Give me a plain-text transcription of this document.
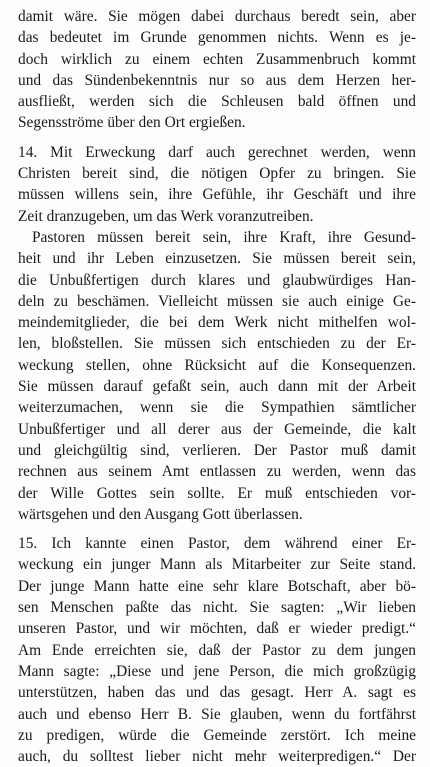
damit wäre. Sie mögen dabei durchaus beredt sein, aber
das bedeutet im Grunde genommen nichts. Wenn es je-
doch wirklich zu einem echten Zusammenbruch kommt
und das Sündenbekenntnis nur so aus dem Herzen her-
ausfließt, werden sich die Schleusen bald öffnen und
Segensströme über den Ort ergießen.
14. Mit Erweckung darf auch gerechnet werden, wenn
Christen bereit sind, die nötigen Opfer zu bringen. Sie
müssen willens sein, ihre Gefühle, ihr Geschäft und ihre
Zeit dranzugeben, um das Werk voranzutreiben.
Pastoren müssen bereit sein, ihre Kraft, ihre Gesund-
heit und ihr Leben einzusetzen. Sie müssen bereit sein,
die Unbußfertigen durch klares und glaubwürdiges Han-
deln zu beschämen. Vielleicht müssen sie auch einige Ge-
meindemitglieder, die bei dem Werk nicht mithelfen wol-
len, bloßstellen. Sie müssen sich entschieden zu der Er-
weckung stellen, ohne Rücksicht auf die Konsequenzen.
Sie müssen darauf gefaßt sein, auch dann mit der Arbeit
weiterzumachen, wenn sie die Sympathien sämtlicher
Unbußfertiger und all derer aus der Gemeinde, die kalt
und gleichgültig sind, verlieren. Der Pastor muß damit
rechnen aus seinem Amt entlassen zu werden, wenn das
der Wille Gottes sein sollte. Er muß entschieden vor-
wärtsgehen und den Ausgang Gott überlassen.
15. Ich kannte einen Pastor, dem während einer Er-
weckung ein junger Mann als Mitarbeiter zur Seite stand.
Der junge Mann hatte eine sehr klare Botschaft, aber bö-
sen Menschen paßte das nicht. Sie sagten: „Wir lieben
unseren Pastor, und wir möchten, daß er wieder predigt.“
Am Ende erreichten sie, daß der Pastor zu dem jungen
Mann sagte: „Diese und jene Person, die mich großzügig
unterstützen, haben das und das gesagt. Herr A. sagt es
auch und ebenso Herr B. Sie glauben, wenn du fortfährst
zu predigen, würde die Gemeinde zerstört. Ich meine
auch, du solltest lieber nicht mehr weiterpredigen.“ Der
